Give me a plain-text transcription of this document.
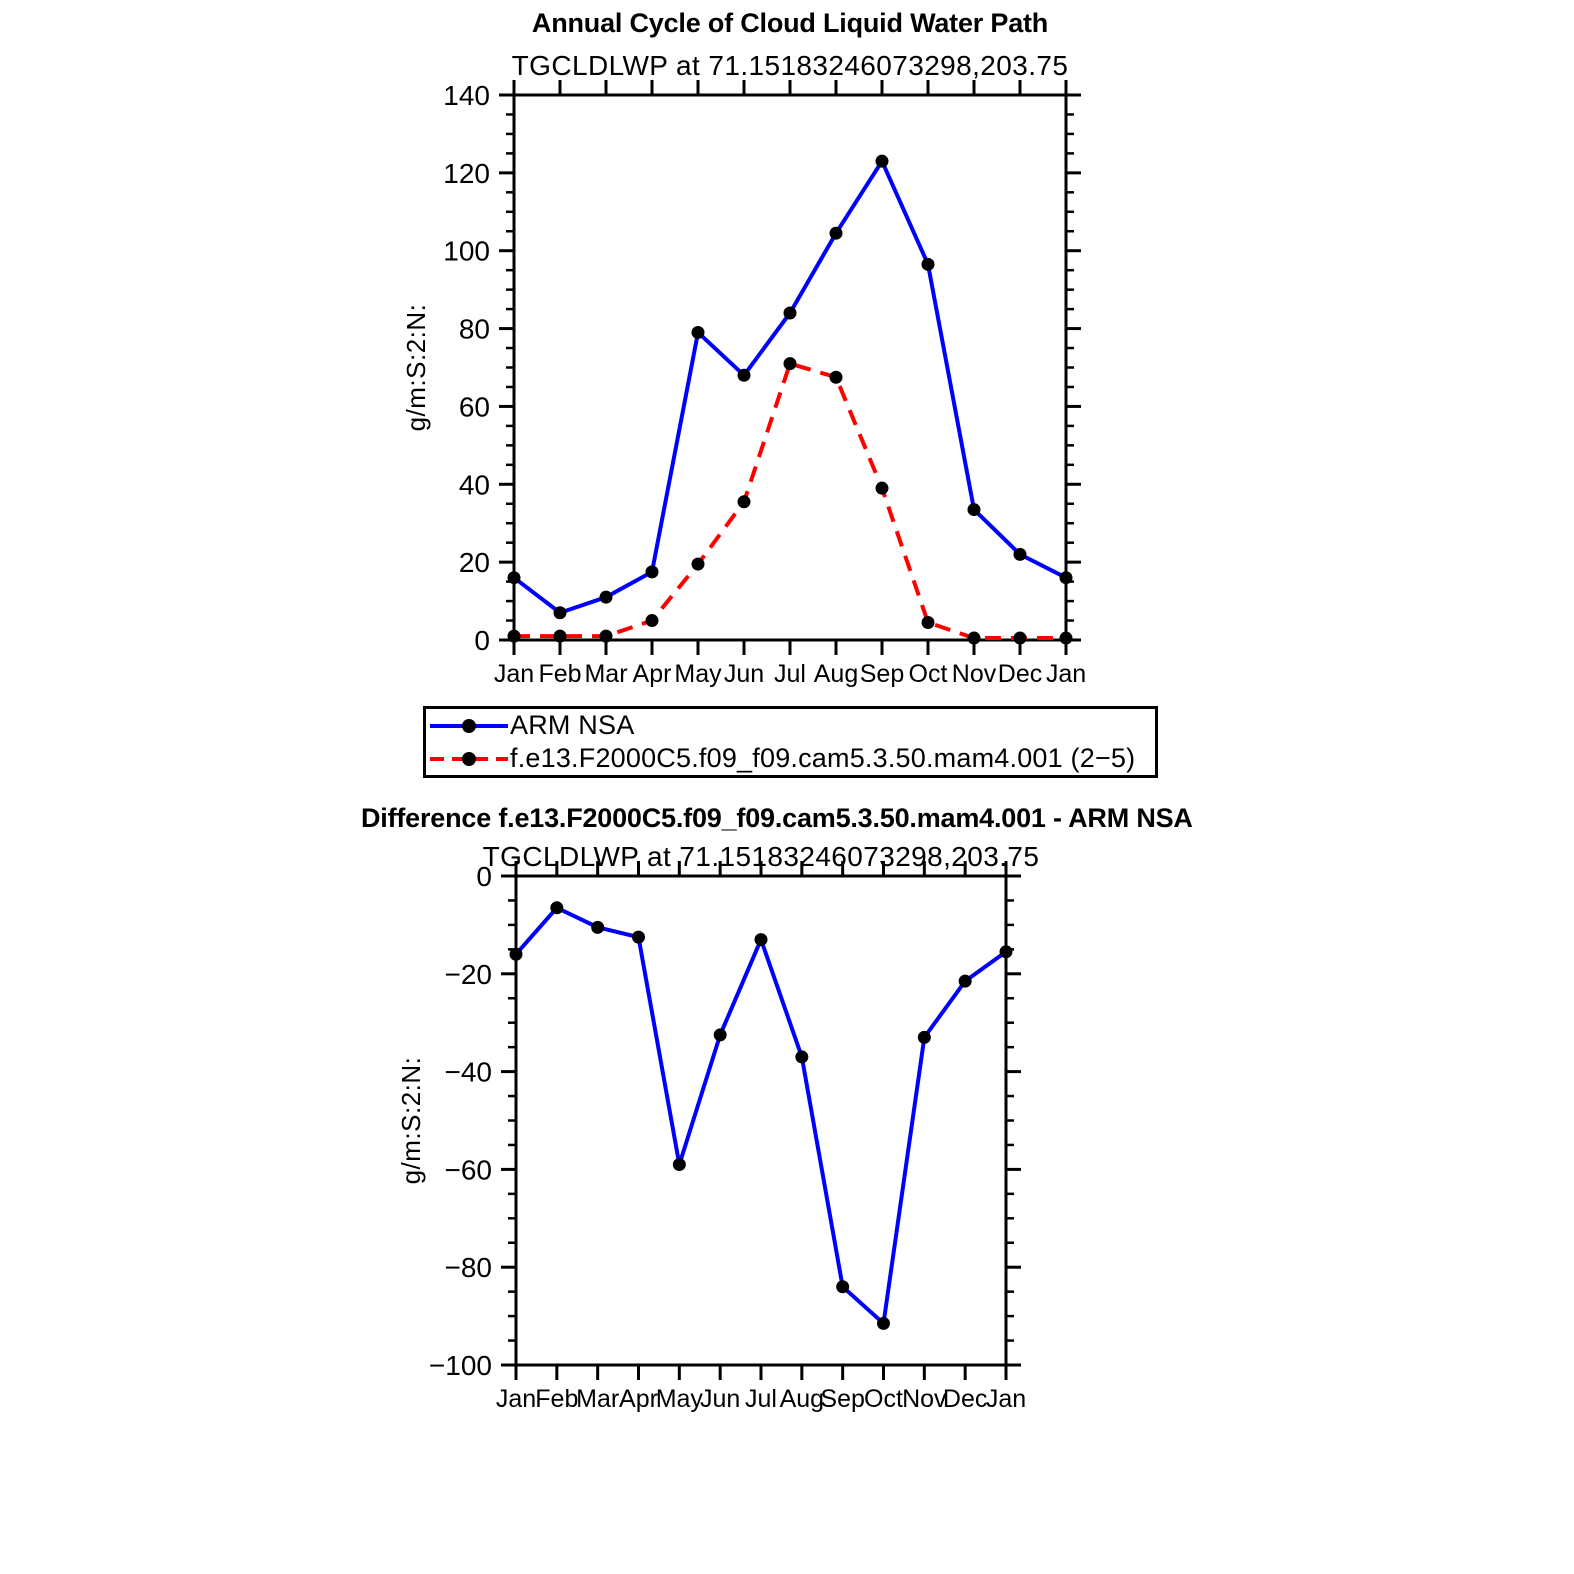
Annual Cycle of Cloud Liquid Water Path
TGCLDLWP at 71.15183246073298,203.75
Jan Feb Mar Apr May Jun Jul Aug Sep Oct Nov Dec Jan
0
20
40
60
80
100
120
140
g/m:S:2:N:
ARM NSA
f.e13.F2000C5.f09_f09.cam5.3.50.mam4.001 (2−5)
Difference f.e13.F2000C5.f09_f09.cam5.3.50.mam4.001 - ARM NSA
TGCLDLWP at 71.15183246073298,203.75
Jan Feb
Mar Apr
May
Jun Jul Aug
Sep Oct Nov
Dec
Jan
−100
−80
−60
−40
−20
0
g/m:S:2:N:
